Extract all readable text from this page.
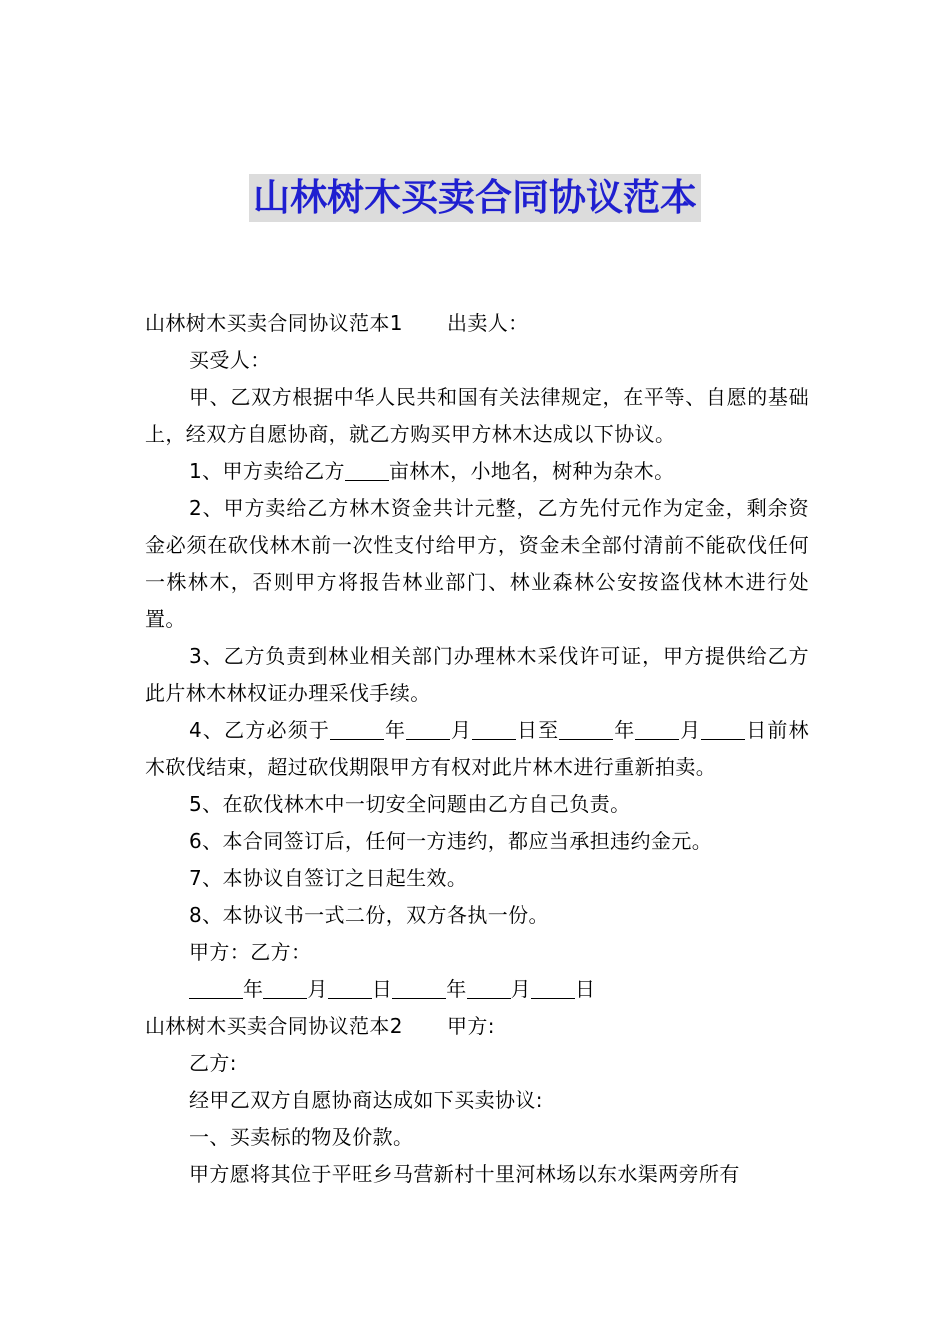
山林树木买卖合同协议范本

山林树木买卖合同协议范本1 出卖人：

买受人：

甲、乙双方根据中华人民共和国有关法律规定，在平等、自愿的基础上，经双方自愿协商，就乙方购买甲方林木达成以下协议。

1、甲方卖给乙方 亩林木，小地名，树种为杂木。

2、甲方卖给乙方林木资金共计元整，乙方先付元作为定金，剩余资金必须在砍伐林木前一次性支付给甲方，资金未全部付清前不能砍伐任何一株林木，否则甲方将报告林业部门、林业森林公安按盗伐林木进行处置。

3、乙方负责到林业相关部门办理林木采伐许可证，甲方提供给乙方此片林木林权证办理采伐手续。

4、乙方必须于	年 月 日至	年 月 日前林木砍伐结束，超过砍伐期限甲方有权对此片林木进行重新拍卖。

5、在砍伐林木中一切安全问题由乙方自己负责。

6、本合同签订后，任何一方违约，都应当承担违约金元。

7、本协议自签订之日起生效。

8、本协议书一式二份，双方各执一份。

甲方：乙方：

年 月 日	年 月 日

山林树木买卖合同协议范本2 甲方:

乙方:

经甲乙双方自愿协商达成如下买卖协议:

一、买卖标的物及价款。

甲方愿将其位于平旺乡马营新村十里河林场以东水渠两旁所有
